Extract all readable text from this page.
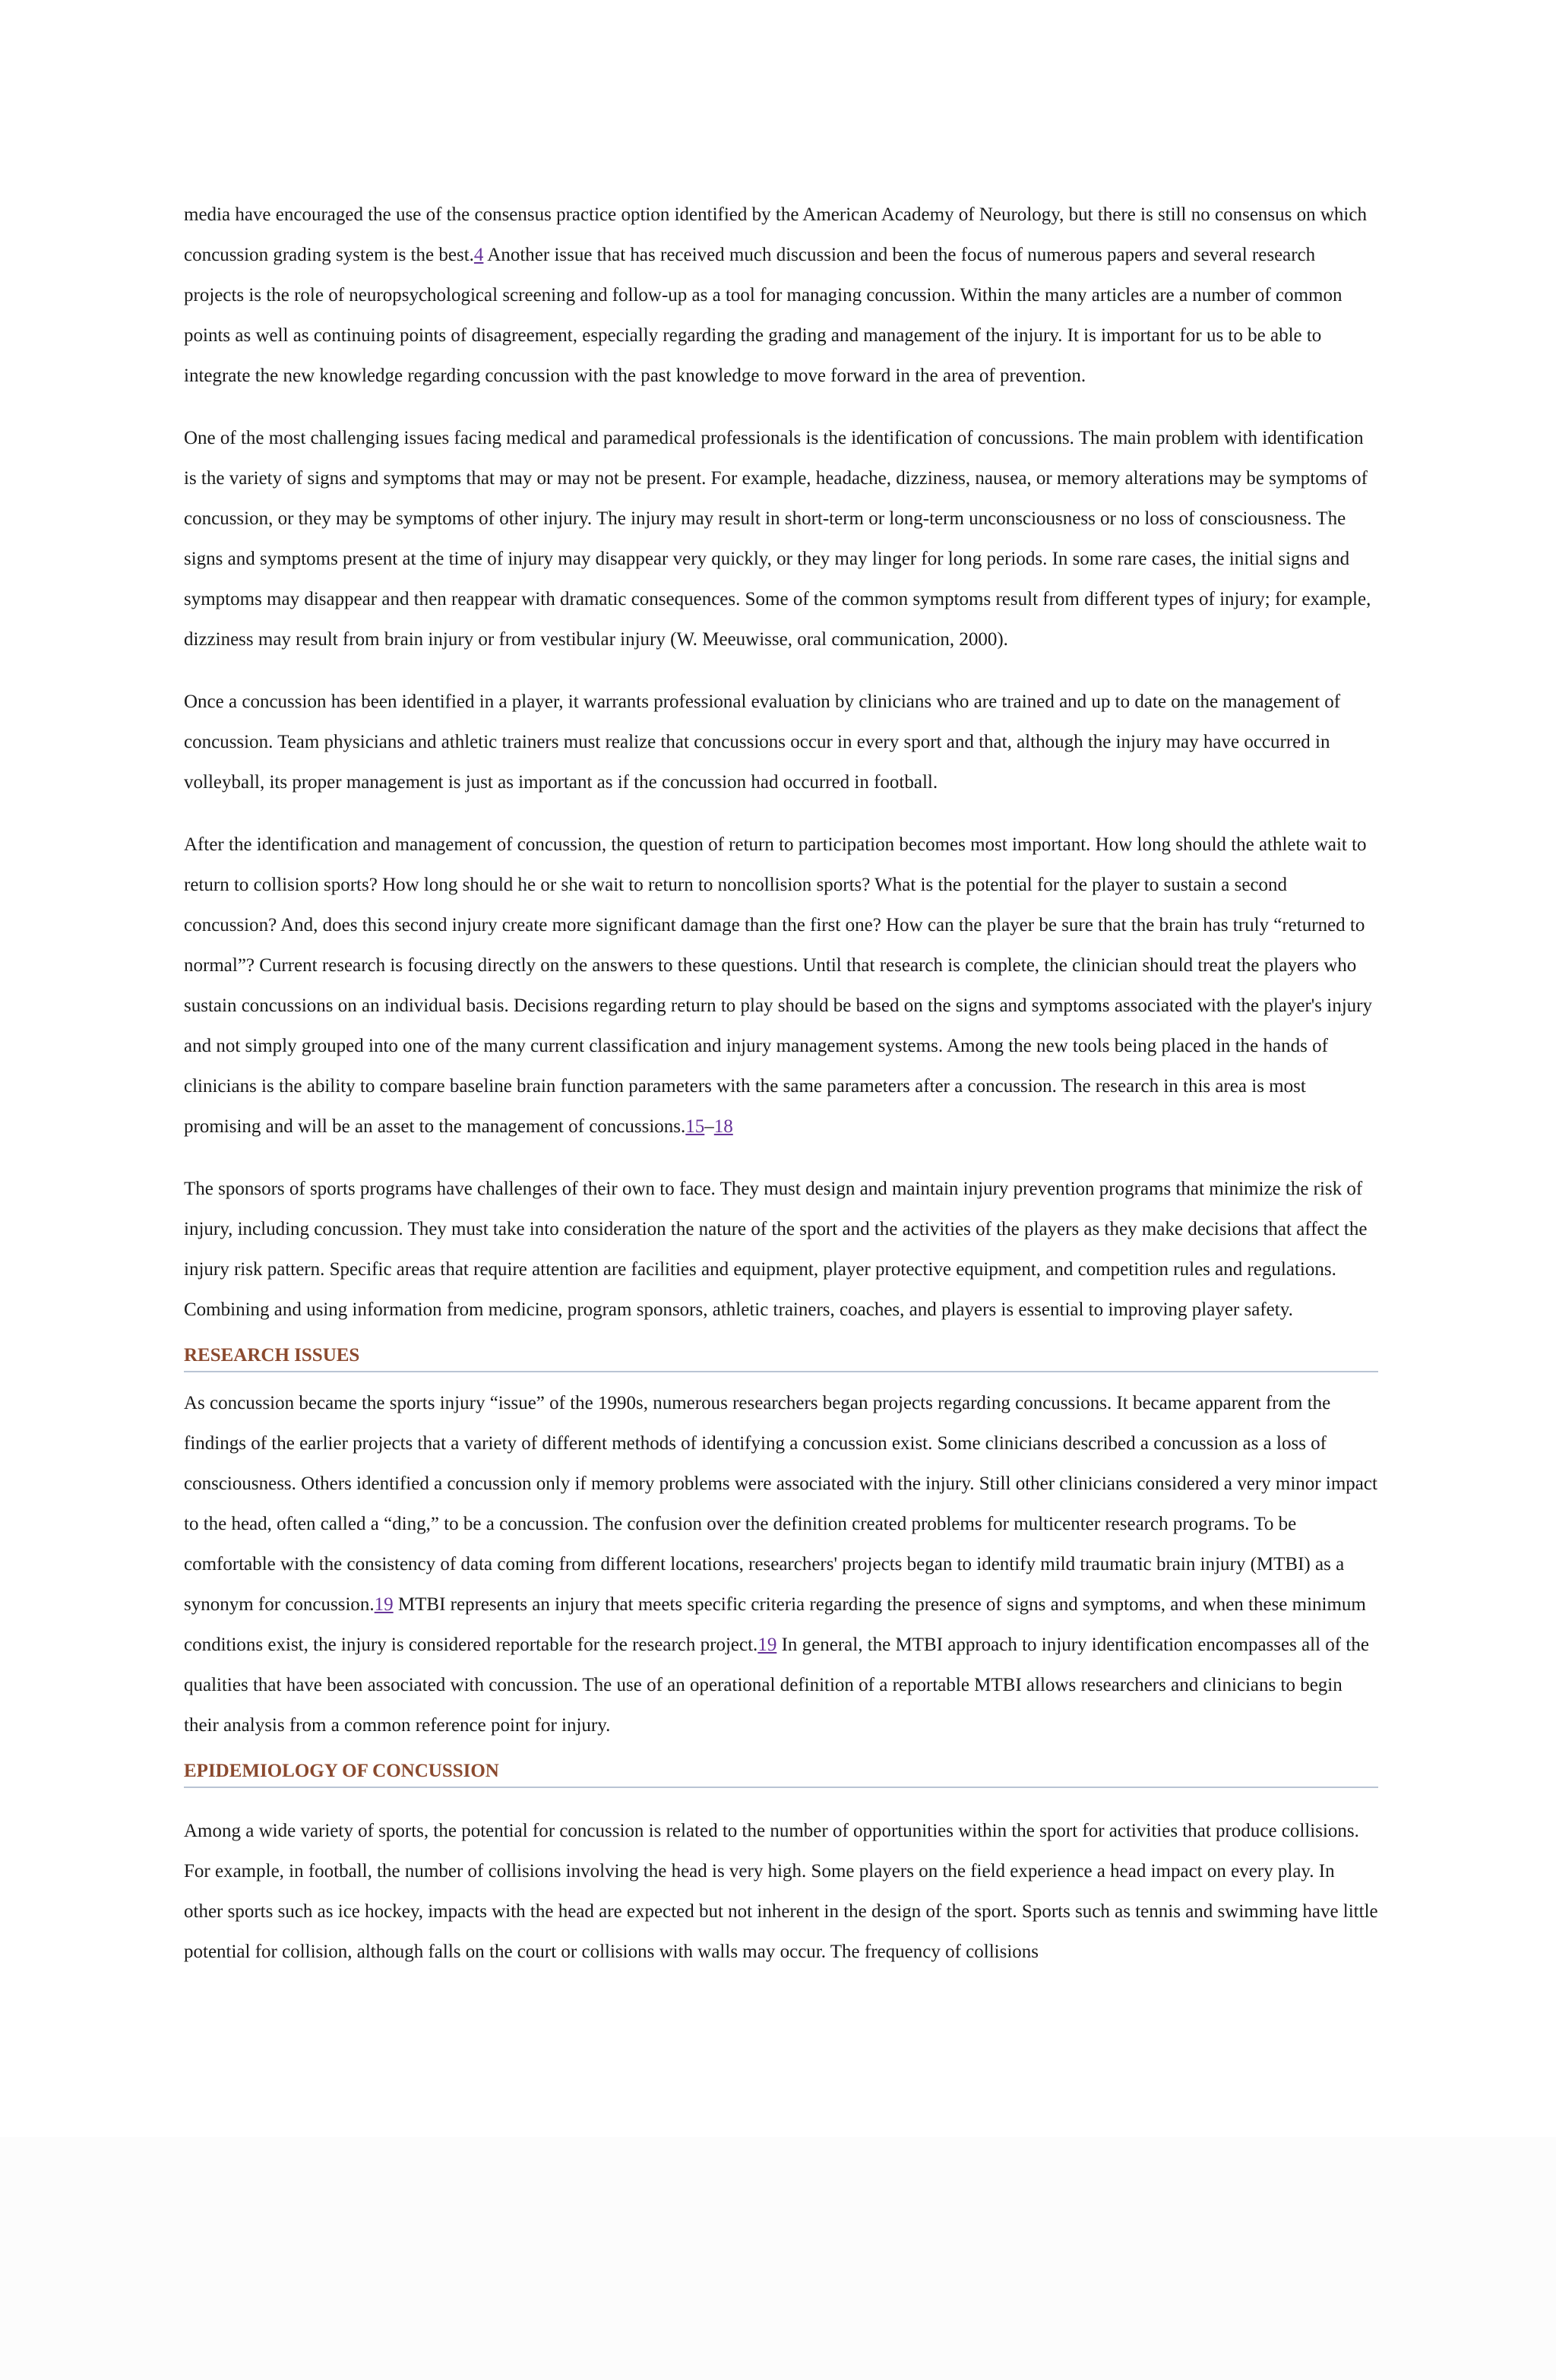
media have encouraged the use of the consensus practice option identified by the American Academy of Neurology, but there is still no consensus on which concussion grading system is the best.4 Another issue that has received much discussion and been the focus of numerous papers and several research projects is the role of neuropsychological screening and follow-up as a tool for managing concussion. Within the many articles are a number of common points as well as continuing points of disagreement, especially regarding the grading and management of the injury. It is important for us to be able to integrate the new knowledge regarding concussion with the past knowledge to move forward in the area of prevention.

One of the most challenging issues facing medical and paramedical professionals is the identification of concussions. The main problem with identification is the variety of signs and symptoms that may or may not be present. For example, headache, dizziness, nausea, or memory alterations may be symptoms of concussion, or they may be symptoms of other injury. The injury may result in short-term or long-term unconsciousness or no loss of consciousness. The signs and symptoms present at the time of injury may disappear very quickly, or they may linger for long periods. In some rare cases, the initial signs and symptoms may disappear and then reappear with dramatic consequences. Some of the common symptoms result from different types of injury; for example, dizziness may result from brain injury or from vestibular injury (W. Meeuwisse, oral communication, 2000).

Once a concussion has been identified in a player, it warrants professional evaluation by clinicians who are trained and up to date on the management of concussion. Team physicians and athletic trainers must realize that concussions occur in every sport and that, although the injury may have occurred in volleyball, its proper management is just as important as if the concussion had occurred in football.

After the identification and management of concussion, the question of return to participation becomes most important. How long should the athlete wait to return to collision sports? How long should he or she wait to return to noncollision sports? What is the potential for the player to sustain a second concussion? And, does this second injury create more significant damage than the first one? How can the player be sure that the brain has truly “returned to normal”? Current research is focusing directly on the answers to these questions. Until that research is complete, the clinician should treat the players who sustain concussions on an individual basis. Decisions regarding return to play should be based on the signs and symptoms associated with the player's injury and not simply grouped into one of the many current classification and injury management systems. Among the new tools being placed in the hands of clinicians is the ability to compare baseline brain function parameters with the same parameters after a concussion. The research in this area is most promising and will be an asset to the management of concussions.15–18

The sponsors of sports programs have challenges of their own to face. They must design and maintain injury prevention programs that minimize the risk of injury, including concussion. They must take into consideration the nature of the sport and the activities of the players as they make decisions that affect the injury risk pattern. Specific areas that require attention are facilities and equipment, player protective equipment, and competition rules and regulations. Combining and using information from medicine, program sponsors, athletic trainers, coaches, and players is essential to improving player safety.

RESEARCH ISSUES

As concussion became the sports injury “issue” of the 1990s, numerous researchers began projects regarding concussions. It became apparent from the findings of the earlier projects that a variety of different methods of identifying a concussion exist. Some clinicians described a concussion as a loss of consciousness. Others identified a concussion only if memory problems were associated with the injury. Still other clinicians considered a very minor impact to the head, often called a “ding,” to be a concussion. The confusion over the definition created problems for multicenter research programs. To be comfortable with the consistency of data coming from different locations, researchers' projects began to identify mild traumatic brain injury (MTBI) as a synonym for concussion.19 MTBI represents an injury that meets specific criteria regarding the presence of signs and symptoms, and when these minimum conditions exist, the injury is considered reportable for the research project.19 In general, the MTBI approach to injury identification encompasses all of the qualities that have been associated with concussion. The use of an operational definition of a reportable MTBI allows researchers and clinicians to begin their analysis from a common reference point for injury.

EPIDEMIOLOGY OF CONCUSSION

Among a wide variety of sports, the potential for concussion is related to the number of opportunities within the sport for activities that produce collisions. For example, in football, the number of collisions involving the head is very high. Some players on the field experience a head impact on every play. In other sports such as ice hockey, impacts with the head are expected but not inherent in the design of the sport. Sports such as tennis and swimming have little potential for collision, although falls on the court or collisions with walls may occur. The frequency of collisions
